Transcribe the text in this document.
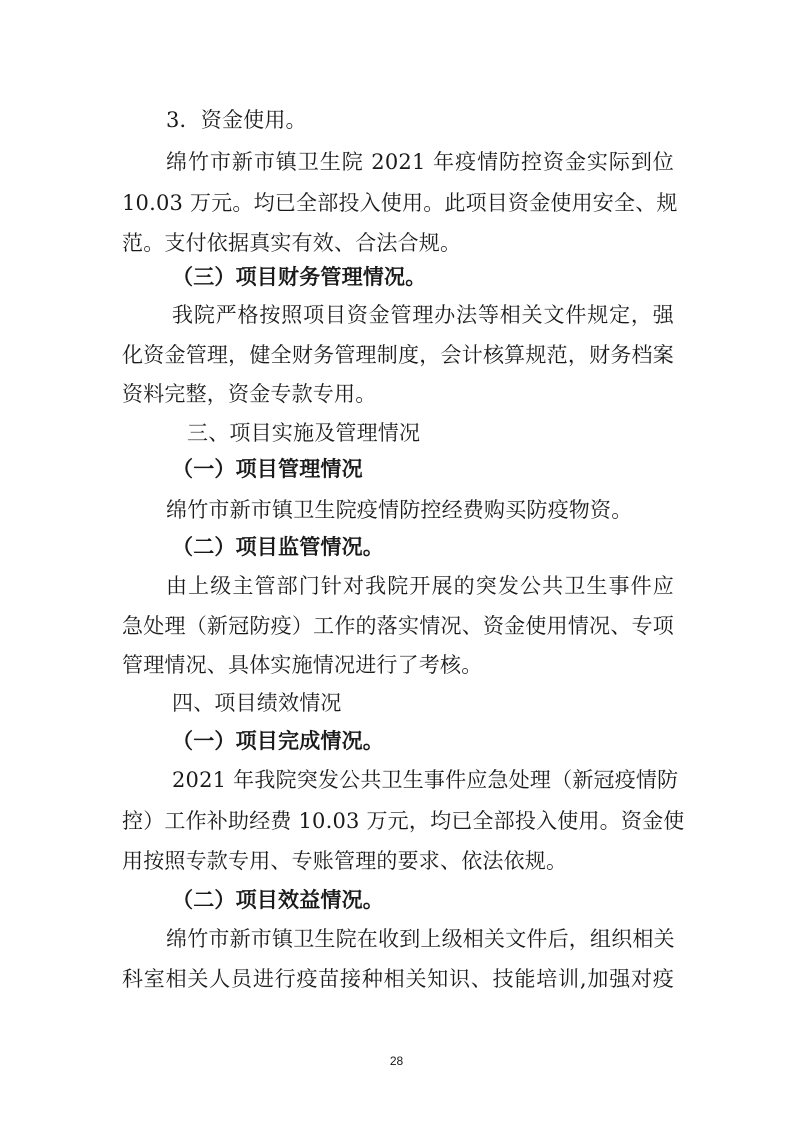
3．资金使用。
绵竹市新市镇卫生院 2021 年疫情防控资金实际到位
10.03 万元。均已全部投入使用。此项目资金使用安全、规
范。支付依据真实有效、合法合规。
（三）项目财务管理情况。
我院严格按照项目资金管理办法等相关文件规定，强
化资金管理，健全财务管理制度，会计核算规范，财务档案
资料完整，资金专款专用。
三、项目实施及管理情况
（一）项目管理情况
绵竹市新市镇卫生院疫情防控经费购买防疫物资。
（二）项目监管情况。
由上级主管部门针对我院开展的突发公共卫生事件应
急处理（新冠防疫）工作的落实情况、资金使用情况、专项
管理情况、具体实施情况进行了考核。
四、项目绩效情况
（一）项目完成情况。
2021 年我院突发公共卫生事件应急处理（新冠疫情防
控）工作补助经费 10.03 万元，均已全部投入使用。资金使
用按照专款专用、专账管理的要求、依法依规。
（二）项目效益情况。
绵竹市新市镇卫生院在收到上级相关文件后，组织相关
科室相关人员进行疫苗接种相关知识、技能培训,加强对疫
28
